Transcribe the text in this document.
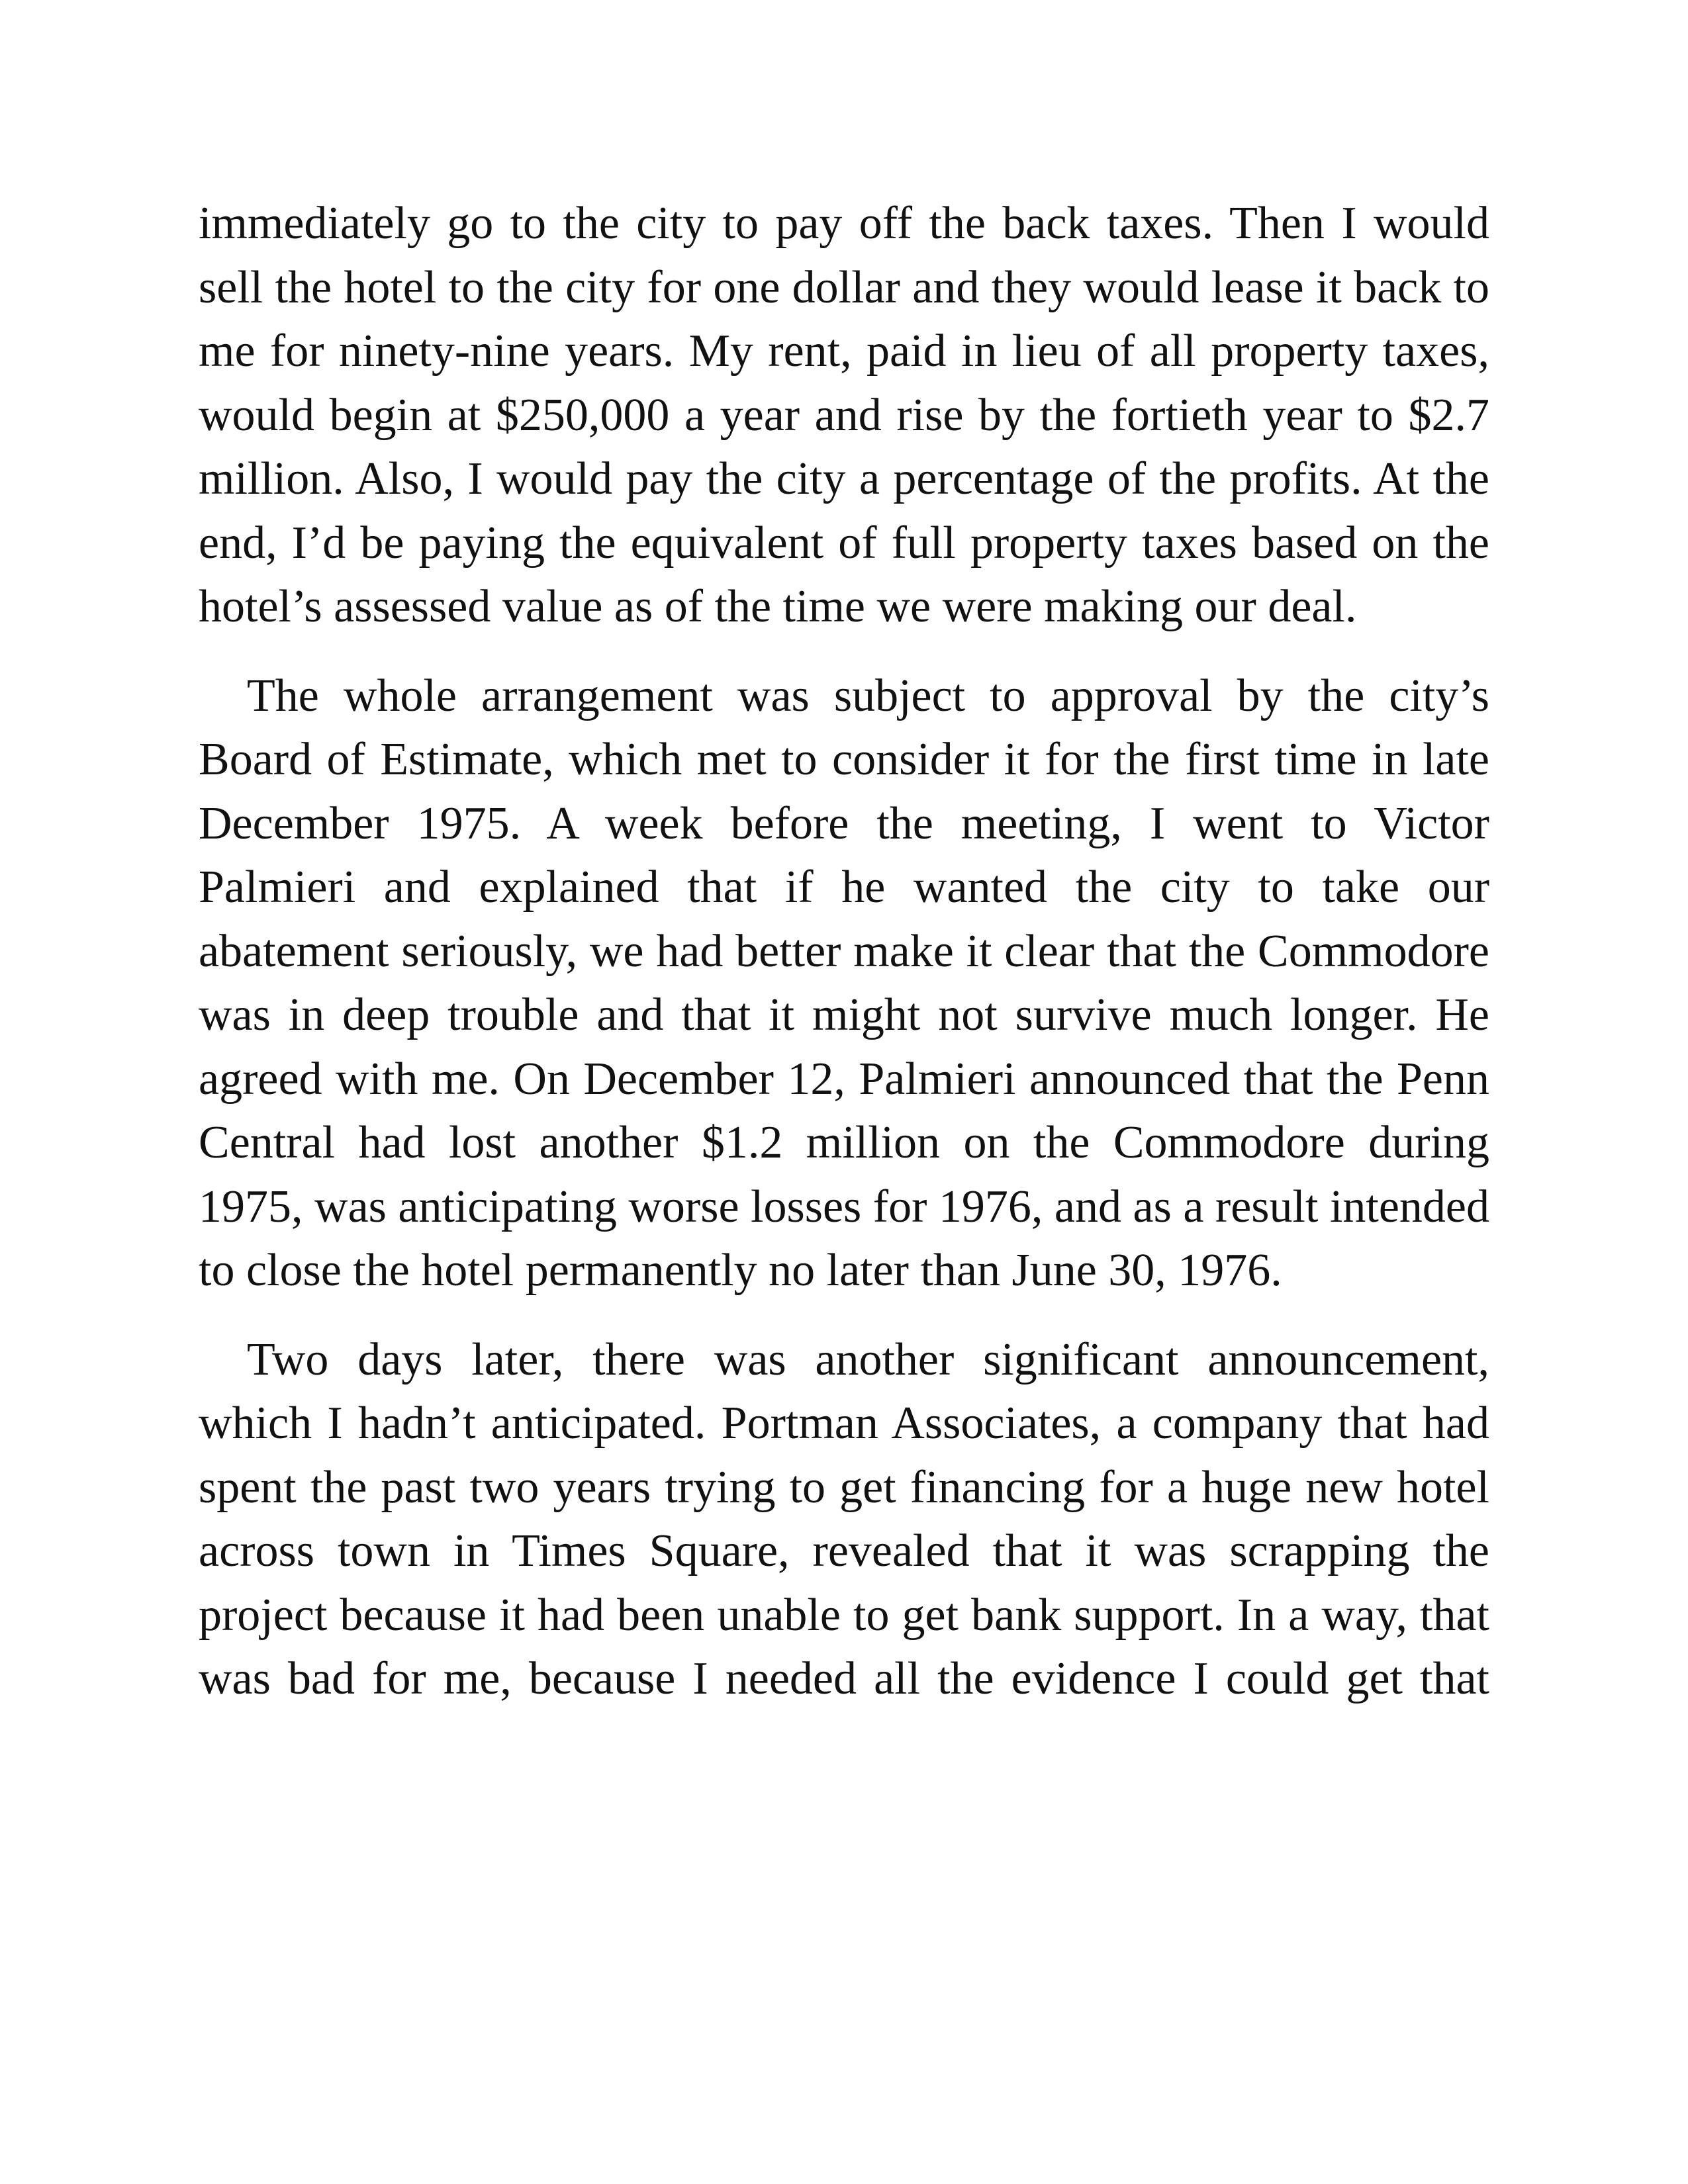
immediately go to the city to pay off the back taxes. Then I would sell the hotel to the city for one dollar and they would lease it back to me for ninety-nine years. My rent, paid in lieu of all property taxes, would begin at $250,000 a year and rise by the fortieth year to $2.7 million. Also, I would pay the city a percentage of the profits. At the end, I’d be paying the equivalent of full property taxes based on the hotel’s assessed value as of the time we were making our deal.

The whole arrangement was subject to approval by the city’s Board of Estimate, which met to consider it for the first time in late December 1975. A week before the meeting, I went to Victor Palmieri and explained that if he wanted the city to take our abatement seriously, we had better make it clear that the Commodore was in deep trouble and that it might not survive much longer. He agreed with me. On December 12, Palmieri announced that the Penn Central had lost another $1.2 million on the Commodore during 1975, was anticipating worse losses for 1976, and as a result intended to close the hotel permanently no later than June 30, 1976.

Two days later, there was another significant announcement, which I hadn’t anticipated. Portman Associates, a company that had spent the past two years trying to get financing for a huge new hotel across town in Times Square, revealed that it was scrapping the project because it had been unable to get bank support. In a way, that was bad for me, because I needed all the evidence I could get that
